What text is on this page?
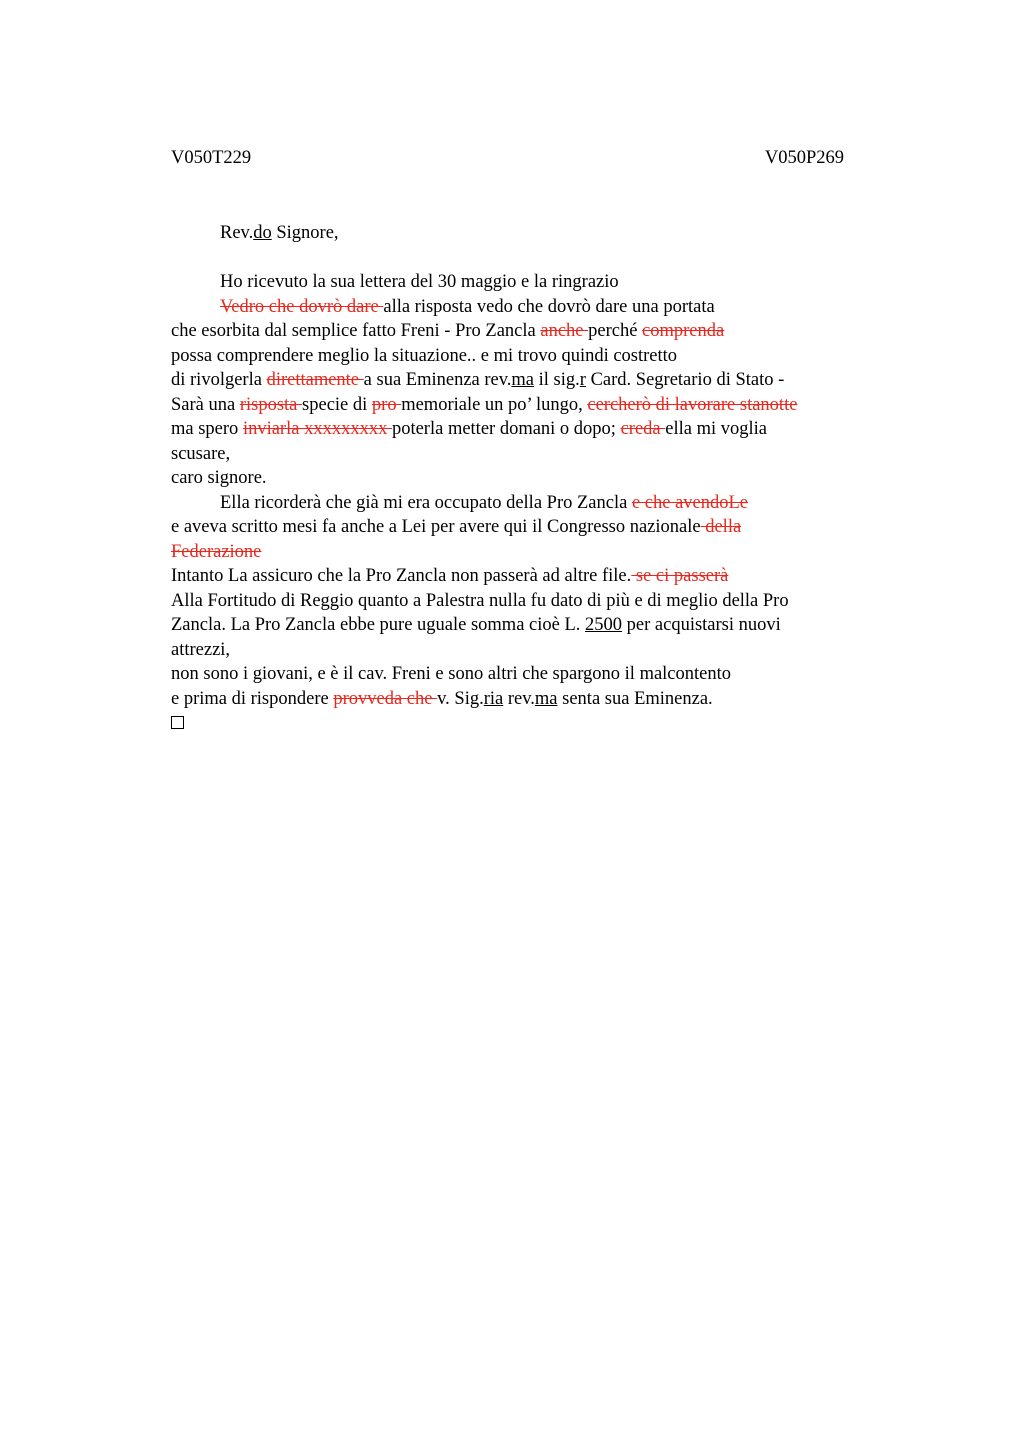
V050T229	V050P269
Rev.do Signore,
Ho ricevuto la sua lettera del 30 maggio e la ringrazio
Vedro che dovrò dare alla risposta vedo che dovrò dare una portata
che esorbita dal semplice fatto Freni - Pro Zancla anche perché comprenda
possa comprendere meglio la situazione.. e mi trovo quindi costretto
di rivolgerla direttamente a sua Eminenza rev.ma il sig.r Card. Segretario di Stato -
Sarà una risposta specie di pro memoriale un po’ lungo, cercherò di lavorare stanotte
ma spero inviarla xxxxxxxxx poterla metter domani o dopo; creda ella mi voglia
scusare,
caro signore.
Ella ricorderà che già mi era occupato della Pro Zancla e che avendoLe
e aveva scritto mesi fa anche a Lei per avere qui il Congresso nazionale della
Federazione
Intanto La assicuro che la Pro Zancla non passerà ad altre file. se ci passerà
Alla Fortitudo di Reggio quanto a Palestra nulla fu dato di più e di meglio della Pro
Zancla. La Pro Zancla ebbe pure uguale somma cioè L. 2500 per acquistarsi nuovi
attrezzi,
non sono i giovani, e è il cav. Freni e sono altri che spargono il malcontento
e prima di rispondere provveda che v. Sig.ria rev.ma senta sua Eminenza.
